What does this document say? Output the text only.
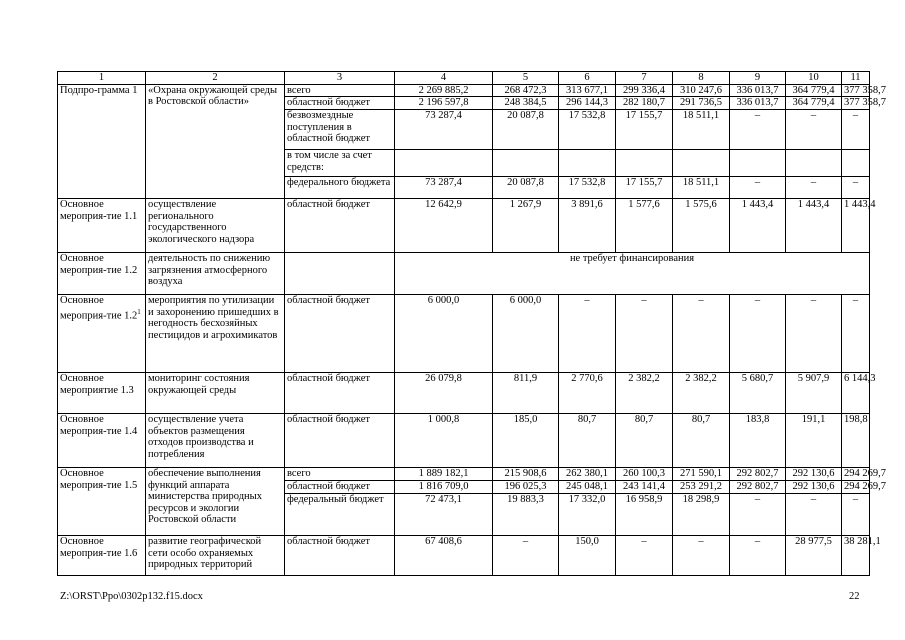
1	2	3	4	5	6	7	8	9	10	11
Подпро-грамма 1	«Охрана окружающей среды в Ростовской области»	всего	2 269 885,2	268 472,3	313 677,1	299 336,4	310 247,6	336 013,7	364 779,4	377 358,7
		областной бюджет	2 196 597,8	248 384,5	296 144,3	282 180,7	291 736,5	336 013,7	364 779,4	377 358,7
		безвозмездные поступления в областной бюджет	73 287,4	20 087,8	17 532,8	17 155,7	18 511,1	–	–	–
		в том числе за счет средств:								
		федерального бюджета	73 287,4	20 087,8	17 532,8	17 155,7	18 511,1	–	–	–
Основное мероприя-тие 1.1	осуществление регионального государственного экологического надзора	областной бюджет	12 642,9	1 267,9	3 891,6	1 577,6	1 575,6	1 443,4	1 443,4	1 443,4
Основное мероприя-тие 1.2	деятельность по снижению загрязнения атмосферного воздуха		не требует финансирования							
Основное мероприя-тие $1.2^1$	мероприятия по утилизации и захоронению пришедших в негодность бесхозяйных пестицидов и агрохимикатов	областной бюджет	6 000,0	6 000,0	–	–	–	–	–	–
Основное мероприятие 1.3	мониторинг состояния окружающей среды	областной бюджет	26 079,8	811,9	2 770,6	2 382,2	2 382,2	5 680,7	5 907,9	6 144,3
Основное мероприя-тие 1.4	осуществление учета объектов размещения отходов производства и потребления	областной бюджет	1 000,8	185,0	80,7	80,7	80,7	183,8	191,1	198,8
Основное мероприя-тие 1.5	обеспечение выполнения функций аппарата министерства природных ресурсов и экологии Ростовской области	всего	1 889 182,1	215 908,6	262 380,1	260 100,3	271 590,1	292 802,7	292 130,6	294 269,7
		областной бюджет	1 816 709,0	196 025,3	245 048,1	243 141,4	253 291,2	292 802,7	292 130,6	294 269,7
		федеральный бюджет	72 473,1	19 883,3	17 332,0	16 958,9	18 298,9	–	–	–
Основное мероприя-тие 1.6	развитие географической сети особо охраняемых природных территорий	областной бюджет	67 408,6	–	150,0	–	–	–	28 977,5	38 281,1
Z:\ORST\Ppo\0302p132.f15.docx	22
